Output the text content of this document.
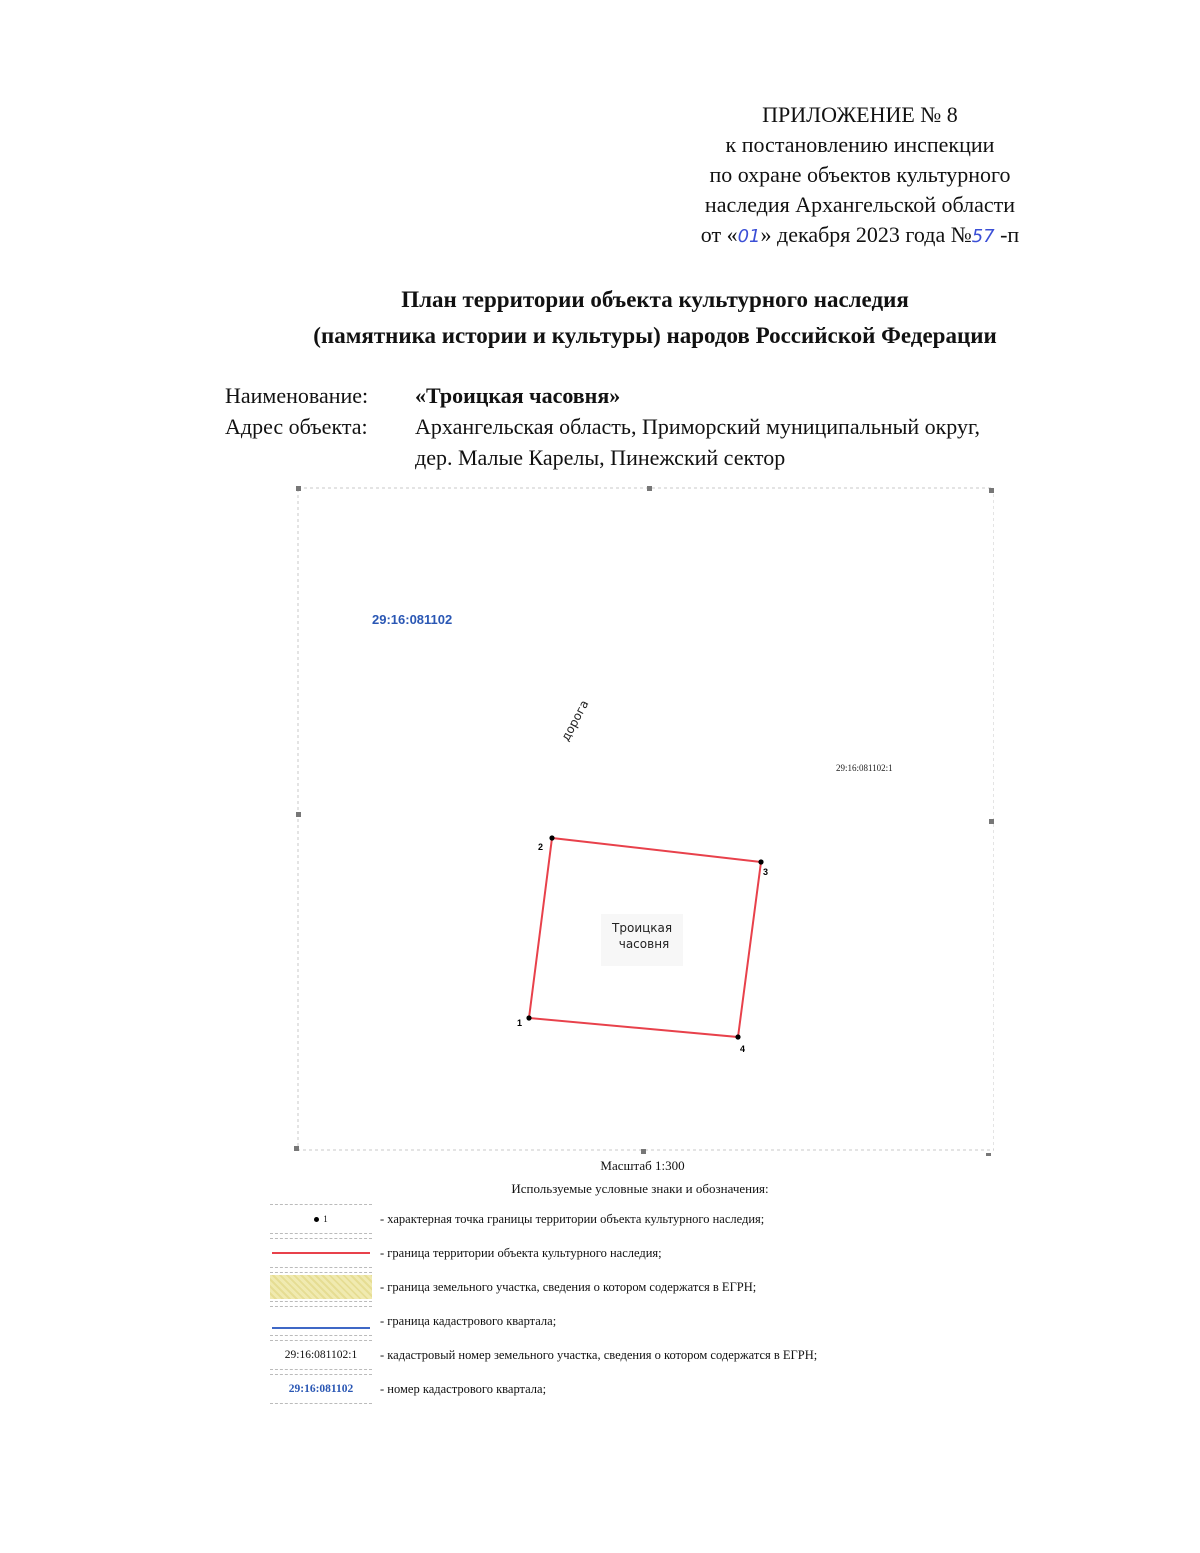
ПРИЛОЖЕНИЕ № 8
к постановлению инспекции
по охране объектов культурного
наследия Архангельской области
от «01» декабря 2023 года №57 -п
План территории объекта культурного наследия
(памятника истории и культуры) народов Российской Федерации
Наименование:	«Троицкая часовня»
Адрес объекта:	Архангельская область, Приморский муниципальный округ,
дер. Малые Карелы, Пинежский сектор
29:16:081102
дорога
29:16:081102:1
Троицкая часовня
1
2
3
4
Масштаб 1:300
Используемые условные знаки и обозначения:
1	- характерная точка границы территории объекта культурного наследия;
- граница территории объекта культурного наследия;
- граница земельного участка, сведения о котором содержатся в ЕГРН;
- граница кадастрового квартала;
29:16:081102:1	- кадастровый номер земельного участка, сведения о котором содержатся в ЕГРН;
29:16:081102	- номер кадастрового квартала;
